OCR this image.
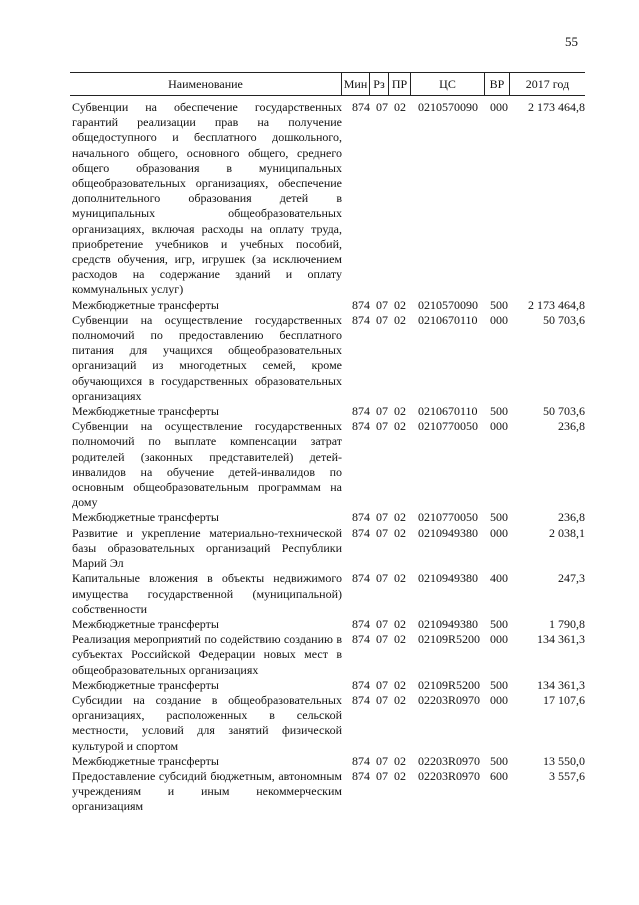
55
Наименование	Мин Рз ПР	ЦС	ВР	2017 год
Субвенции на обеспечение государственных гарантий реализации прав на получение общедоступного и бесплатного дошкольного, начального общего, основного общего, среднего общего образования в муниципальных общеобразовательных организациях, обеспечение дополнительного образования детей в муниципальных общеобразовательных организациях, включая расходы на оплату труда, приобретение учебников и учебных пособий, средств обучения, игр, игрушек (за исключением расходов на содержание зданий и оплату коммунальных услуг)
874 07 02 0210570090 000	2 173 464,8
Межбюджетные трансферты	874 07 02 0210570090 500	2 173 464,8
Субвенции на осуществление государственных полномочий по предоставлению бесплатного питания для учащихся общеобразовательных организаций из многодетных семей, кроме обучающихся в государственных образовательных организациях
874 07 02 0210670110 000	50 703,6
Межбюджетные трансферты	874 07 02 0210670110 500	50 703,6
Субвенции на осуществление государственных полномочий по выплате компенсации затрат родителей (законных представителей) детей-инвалидов на обучение детей-инвалидов по основным общеобразовательным программам на дому
874 07 02 0210770050 000	236,8
Межбюджетные трансферты	874 07 02 0210770050 500	236,8
Развитие и укрепление материально-технической базы образовательных организаций Республики Марий Эл
874 07 02 0210949380 000	2 038,1
Капитальные вложения в объекты недвижимого имущества государственной (муниципальной) собственности
874 07 02 0210949380 400	247,3
Межбюджетные трансферты	874 07 02 0210949380 500	1 790,8
Реализация мероприятий по содействию созданию в субъектах Российской Федерации новых мест в общеобразовательных организациях
874 07 02 02109R5200 000	134 361,3
Межбюджетные трансферты	874 07 02 02109R5200 500	134 361,3
Субсидии на создание в общеобразовательных организациях, расположенных в сельской местности, условий для занятий физической культурой и спортом
874 07 02 02203R0970 000	17 107,6
Межбюджетные трансферты	874 07 02 02203R0970 500	13 550,0
Предоставление субсидий бюджетным, автономным учреждениям и иным некоммерческим организациям
874 07 02 02203R0970 600	3 557,6
